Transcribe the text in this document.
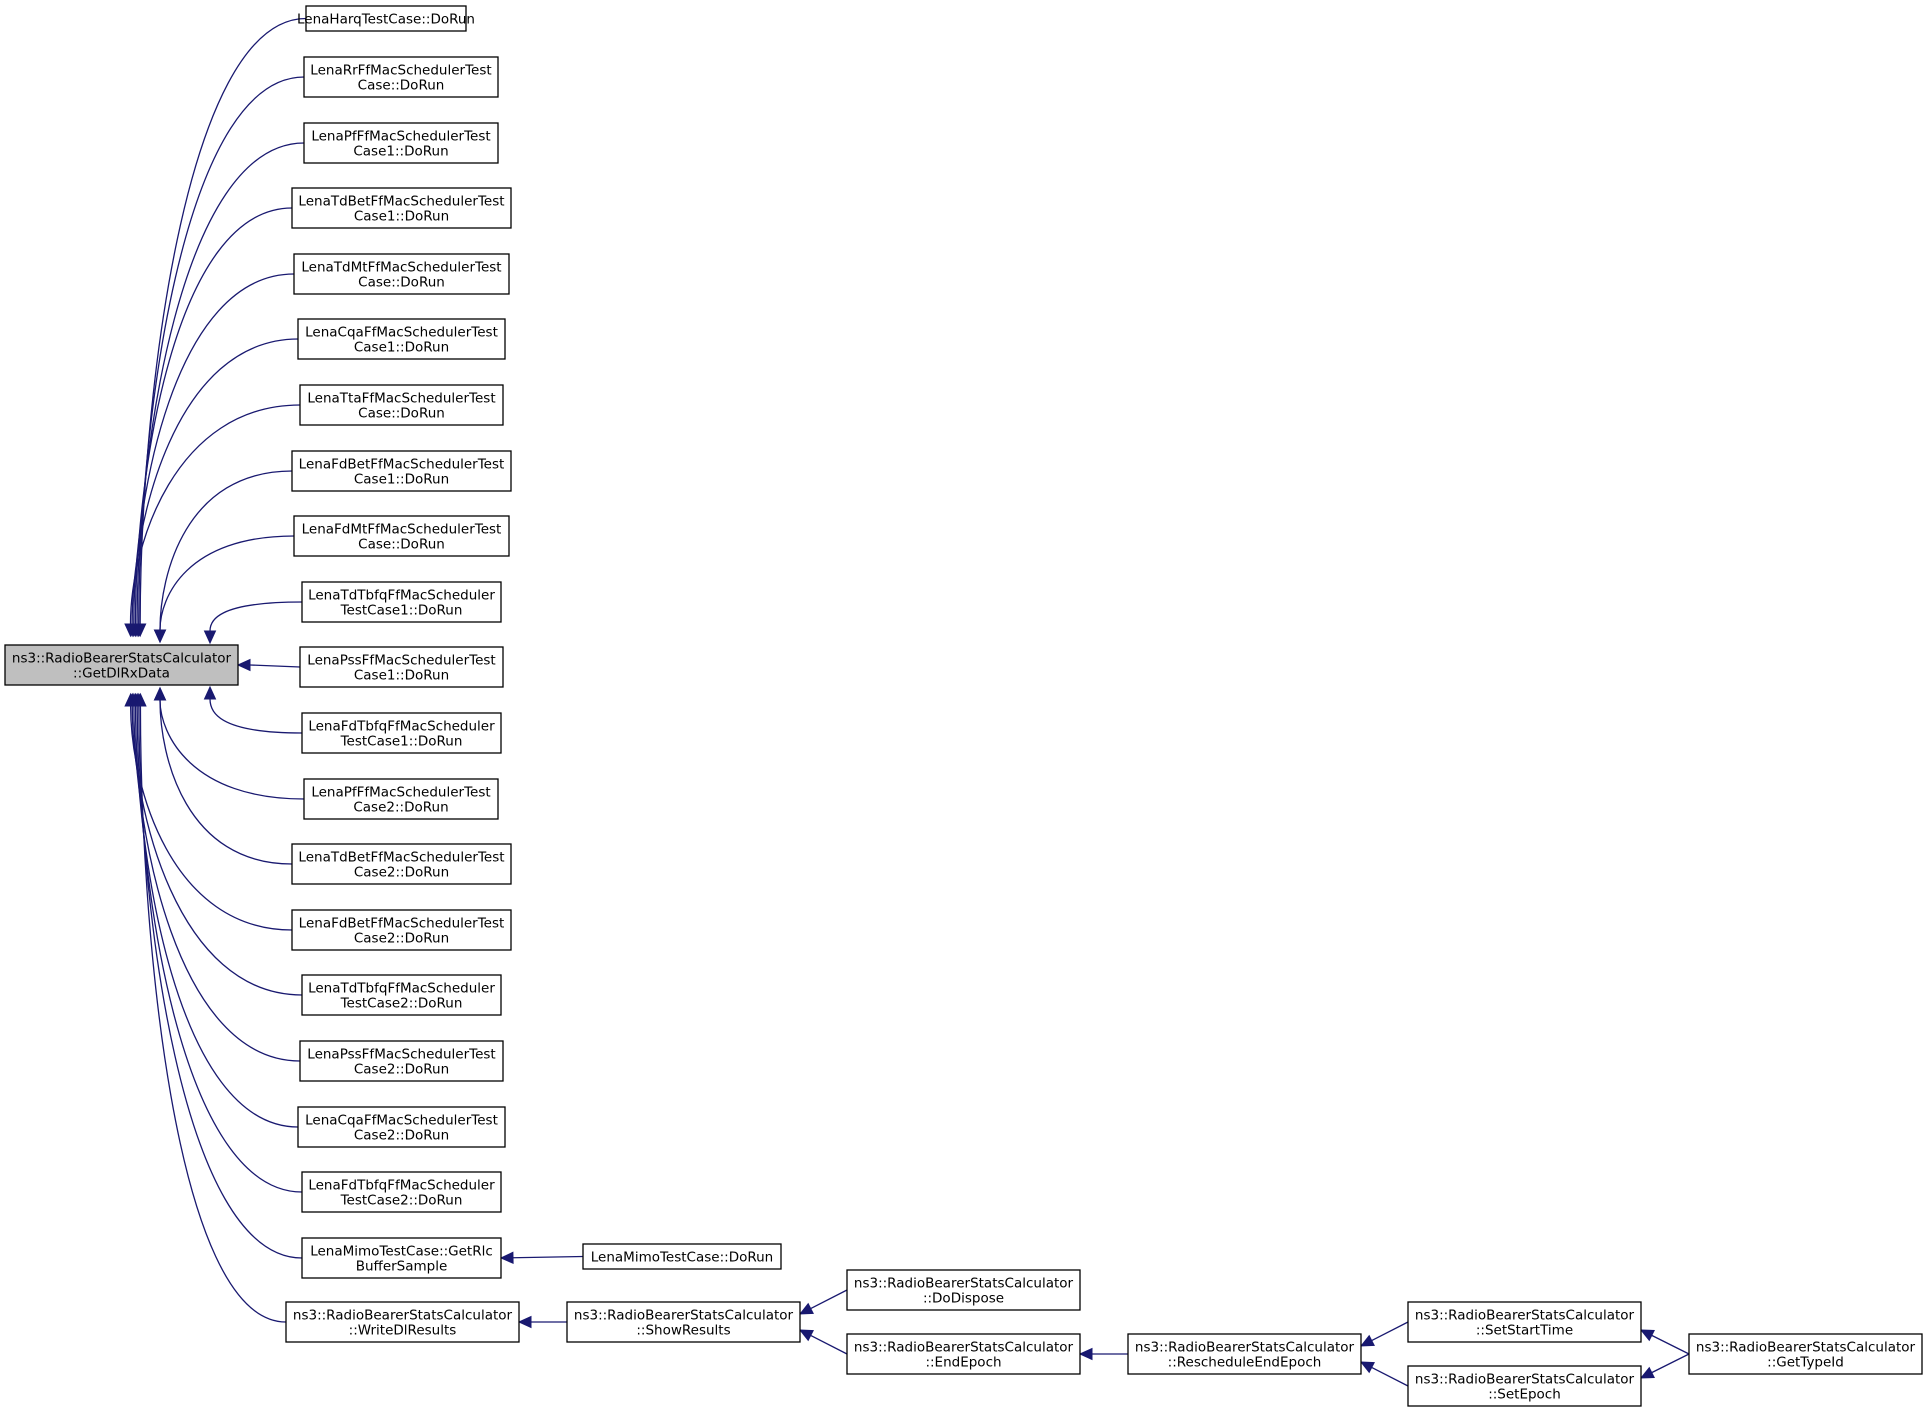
ns3::RadioBearerStatsCalculator
::GetDlRxData
LenaHarqTestCase::DoRun
LenaRrFfMacSchedulerTest
Case::DoRun
LenaPfFfMacSchedulerTest
Case1::DoRun
LenaTdBetFfMacSchedulerTest
Case1::DoRun
LenaTdMtFfMacSchedulerTest
Case::DoRun
LenaCqaFfMacSchedulerTest
Case1::DoRun
LenaTtaFfMacSchedulerTest
Case::DoRun
LenaFdBetFfMacSchedulerTest
Case1::DoRun
LenaFdMtFfMacSchedulerTest
Case::DoRun
LenaTdTbfqFfMacScheduler
TestCase1::DoRun
LenaPssFfMacSchedulerTest
Case1::DoRun
LenaFdTbfqFfMacScheduler
TestCase1::DoRun
LenaPfFfMacSchedulerTest
Case2::DoRun
LenaTdBetFfMacSchedulerTest
Case2::DoRun
LenaFdBetFfMacSchedulerTest
Case2::DoRun
LenaTdTbfqFfMacScheduler
TestCase2::DoRun
LenaPssFfMacSchedulerTest
Case2::DoRun
LenaCqaFfMacSchedulerTest
Case2::DoRun
LenaFdTbfqFfMacScheduler
TestCase2::DoRun
LenaMimoTestCase::GetRlc
BufferSample
ns3::RadioBearerStatsCalculator
::WriteDlResults
LenaMimoTestCase::DoRun
ns3::RadioBearerStatsCalculator
::ShowResults
ns3::RadioBearerStatsCalculator
::DoDispose
ns3::RadioBearerStatsCalculator
::EndEpoch
ns3::RadioBearerStatsCalculator
::RescheduleEndEpoch
ns3::RadioBearerStatsCalculator
::SetStartTime
ns3::RadioBearerStatsCalculator
::SetEpoch
ns3::RadioBearerStatsCalculator
::GetTypeId
